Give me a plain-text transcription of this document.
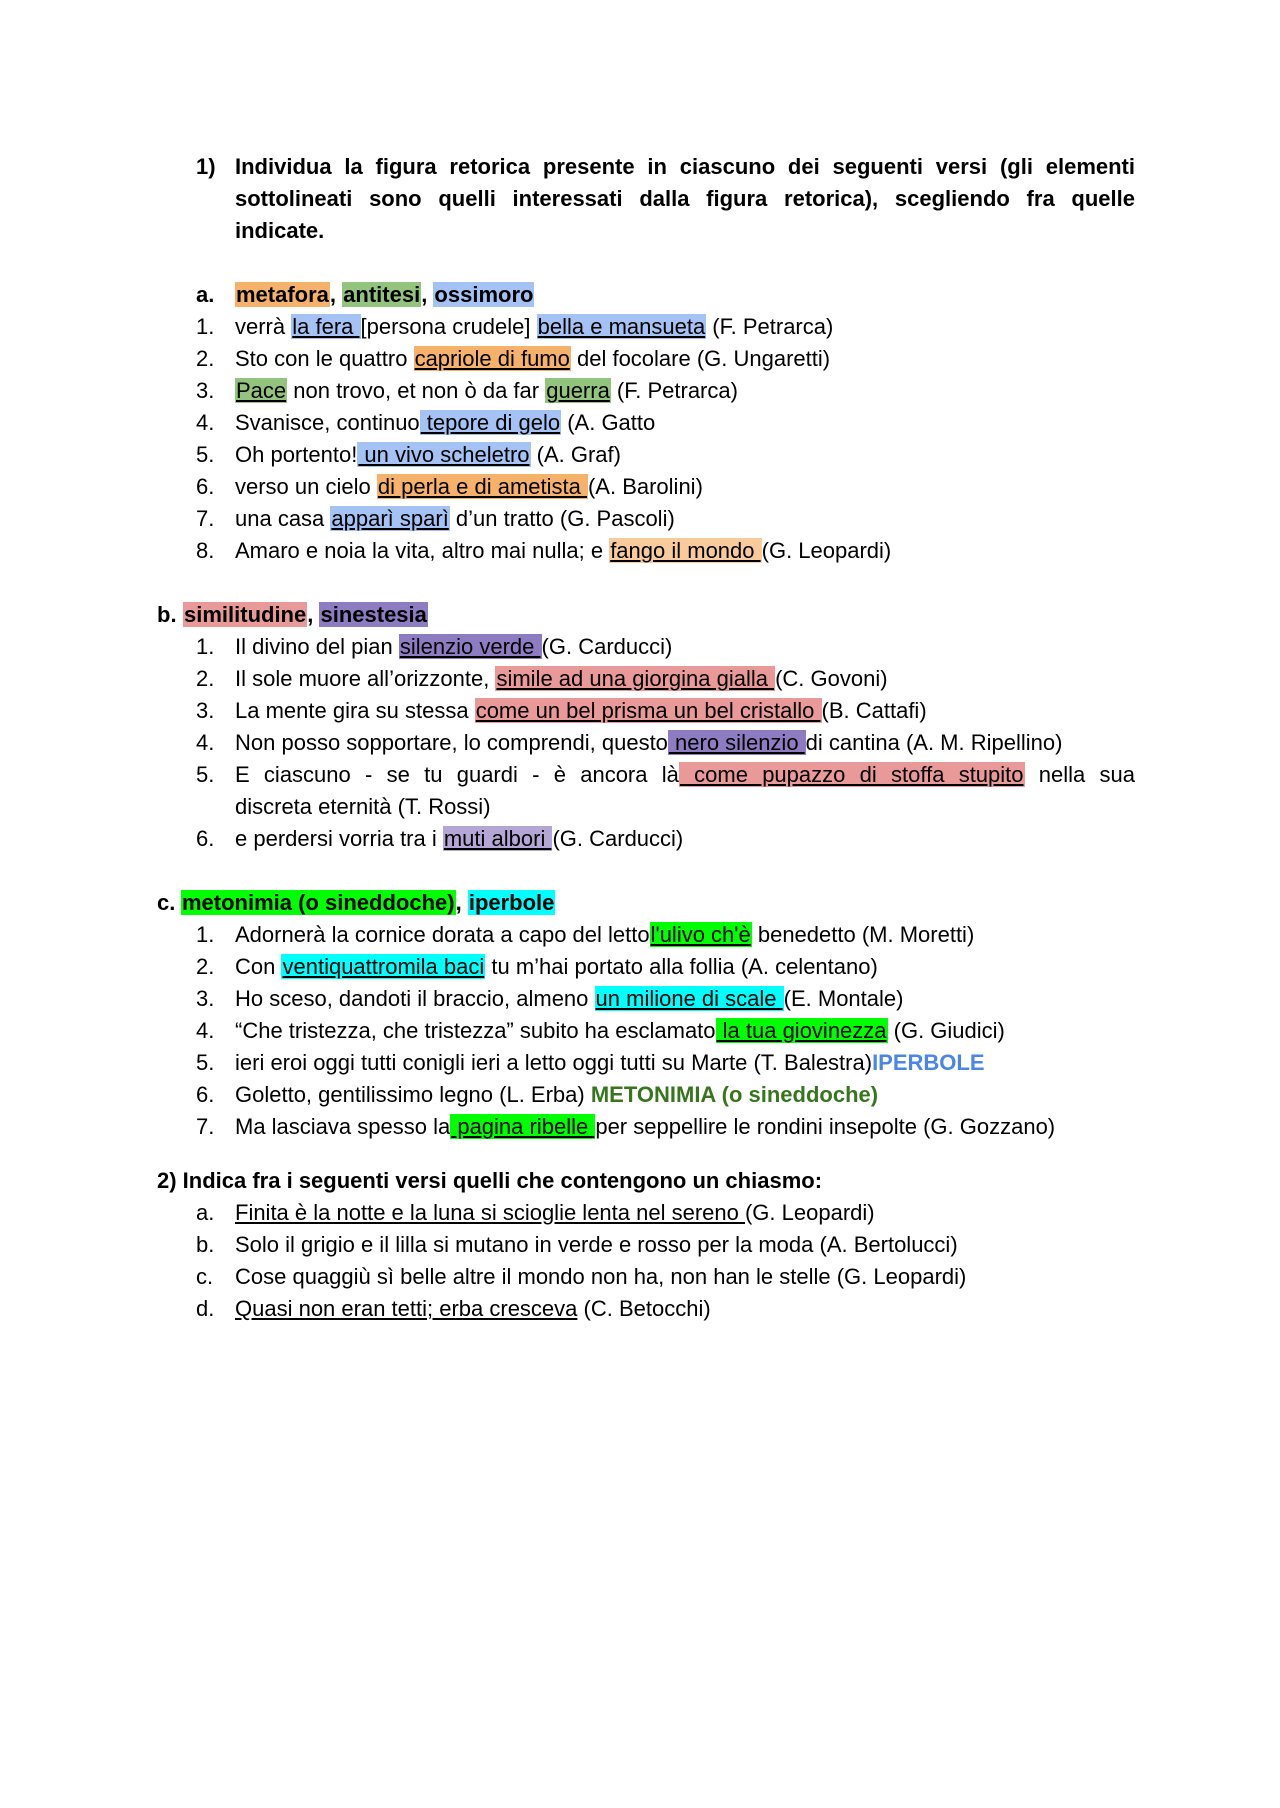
1) Individua la figura retorica presente in ciascuno dei seguenti versi (gli elementi
sottolineati sono quelli interessati dalla figura retorica), scegliendo fra quelle
indicate.
a. metafora, antitesi, ossimoro
1. verrà la fera [persona crudele] bella e mansueta (F. Petrarca)
2. Sto con le quattro capriole di fumo del focolare (G. Ungaretti)
3. Pace non trovo, et non ò da far guerra (F. Petrarca)
4. Svanisce, continuo tepore di gelo (A. Gatto
5. Oh portento! un vivo scheletro (A. Graf)
6. verso un cielo di perla e di ametista (A. Barolini)
7. una casa apparì sparì d’un tratto (G. Pascoli)
8. Amaro e noia la vita, altro mai nulla; e fango il mondo (G. Leopardi)
b. similitudine, sinestesia
1. Il divino del pian silenzio verde (G. Carducci)
2. Il sole muore all’orizzonte, simile ad una giorgina gialla (C. Govoni)
3. La mente gira su stessa come un bel prisma un bel cristallo (B. Cattafi)
4. Non posso sopportare, lo comprendi, questo nero silenzio di cantina (A. M. Ripellino)
5. E ciascuno - se tu guardi - è ancora là come pupazzo di stoffa stupito nella sua
discreta eternità (T. Rossi)
6. e perdersi vorria tra i muti albori (G. Carducci)
c. metonimia (o sineddoche), iperbole
1. Adornerà la cornice dorata a capo del lettol'ulivo ch'è benedetto (M. Moretti)
2. Con ventiquattromila baci tu m’hai portato alla follia (A. celentano)
3. Ho sceso, dandoti il braccio, almeno un milione di scale (E. Montale)
4. “Che tristezza, che tristezza” subito ha esclamato la tua giovinezza (G. Giudici)
5. ieri eroi oggi tutti conigli ieri a letto oggi tutti su Marte (T. Balestra)IPERBOLE
6. Goletto, gentilissimo legno (L. Erba) METONIMIA (o sineddoche)
7. Ma lasciava spesso la pagina ribelle per seppellire le rondini insepolte (G. Gozzano)
2) Indica fra i seguenti versi quelli che contengono un chiasmo:
a. Finita è la notte e la luna si scioglie lenta nel sereno (G. Leopardi)
b. Solo il grigio e il lilla si mutano in verde e rosso per la moda (A. Bertolucci)
c. Cose quaggiù sì belle altre il mondo non ha, non han le stelle (G. Leopardi)
d. Quasi non eran tetti; erba cresceva (C. Betocchi)
